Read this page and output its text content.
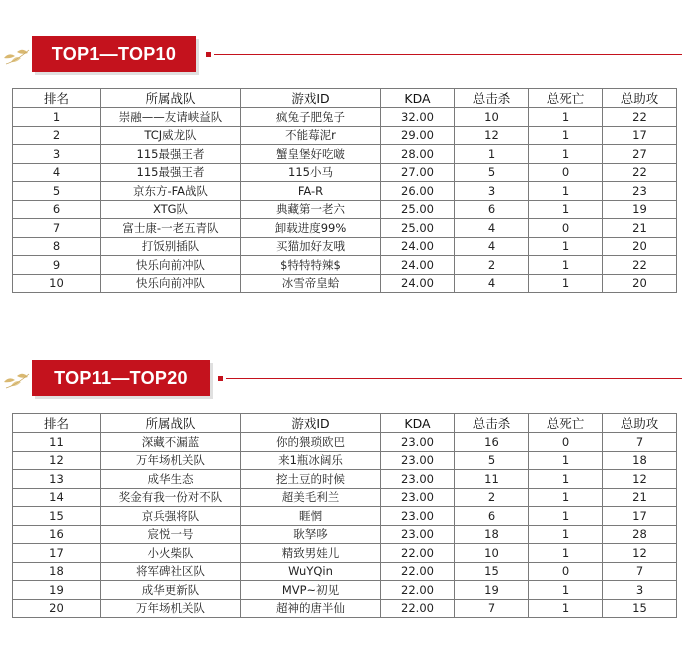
TOP1—TOP10
排名	所属战队	游戏ID	KDA	总击杀	总死亡	总助攻
1	崇融——友请峡益队	疯兔子肥兔子	32.00	10	1	22
2	TCJ威龙队	不能莓泥r	29.00	12	1	17
3	115最强王者	蟹皇堡好吃啵	28.00	1	1	27
4	115最强王者	115小马	27.00	5	0	22
5	京东方-FA战队	FA-R	26.00	3	1	23
6	XTG队	典藏第一老六	25.00	6	1	19
7	富士康-一老五青队	卸载进度99%	25.00	4	0	21
8	打饭别插队	买猫加好友哦	24.00	4	1	20
9	快乐向前冲队	$特特特辣$	24.00	2	1	22
10	快乐向前冲队	冰雪帝皇蛤	24.00	4	1	20
TOP11—TOP20
排名	所属战队	游戏ID	KDA	总击杀	总死亡	总助攻
11	深藏不漏蓝	你的猥琐欧巴	23.00	16	0	7
12	万年场机关队	来1瓶冰阔乐	23.00	5	1	18
13	成华生态	挖土豆的时候	23.00	11	1	12
14	奖金有我一份对不队	超美毛利兰	23.00	2	1	21
15	京兵强将队	睚惘	23.00	6	1	17
16	宸悦一号	耿孥哆	23.00	18	1	28
17	小火柴队	精致男娃儿	22.00	10	1	12
18	将军碑社区队	WuYQin	22.00	15	0	7
19	成华更新队	MVP~初见	22.00	19	1	3
20	万年场机关队	超神的唐半仙	22.00	7	1	15
